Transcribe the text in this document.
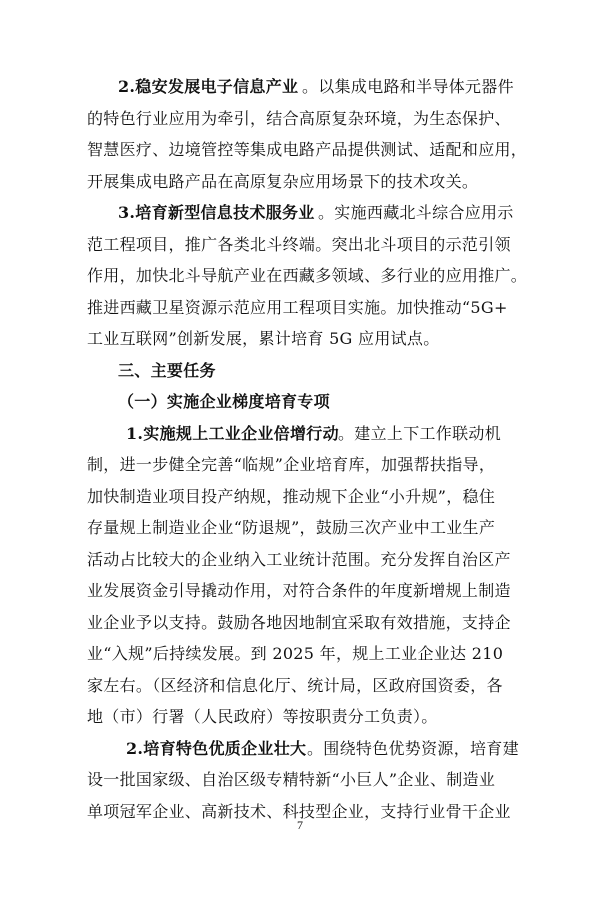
2.稳安发展电子信息产业

。以集成电路和半导体元器件

的特色行业应用为牵引，结合高原复杂环境，为生态保护、

智慧医疗、边境管控等集成电路产品提供测试、适配和应用，

开展集成电路产品在高原复杂应用场景下的技术攻关。

3.培育新型信息技术服务业

。实施西藏北斗综合应用示

范工程项目，推广各类北斗终端。突出北斗项目的示范引领

作用，加快北斗导航产业在西藏多领域、多行业的应用推广。

推进西藏卫星资源示范应用工程项目实施。加快推动“5G+

工业互联网”创新发展，累计培育 5G 应用试点。

三、主要任务

（一）实施企业梯度培育专项

1.实施规上工业企业倍增行动

。建立上下工作联动机

制，进一步健全完善“临规”企业培育库，加强帮扶指导，

加快制造业项目投产纳规，推动规下企业“小升规”，稳住

存量规上制造业企业“防退规”，鼓励三次产业中工业生产

活动占比较大的企业纳入工业统计范围。充分发挥自治区产

业发展资金引导撬动作用，对符合条件的年度新增规上制造

业企业予以支持。鼓励各地因地制宜采取有效措施，支持企

业“入规”后持续发展。到 2025 年，规上工业企业达 210

家左右。（区经济和信息化厅、统计局，区政府国资委，各

地（市）行署（人民政府）等按职责分工负责）。

2.培育特色优质企业壮大

。围绕特色优势资源，培育建

设一批国家级、自治区级专精特新“小巨人”企业、制造业

单项冠军企业、高新技术、科技型企业，支持行业骨干企业

7
